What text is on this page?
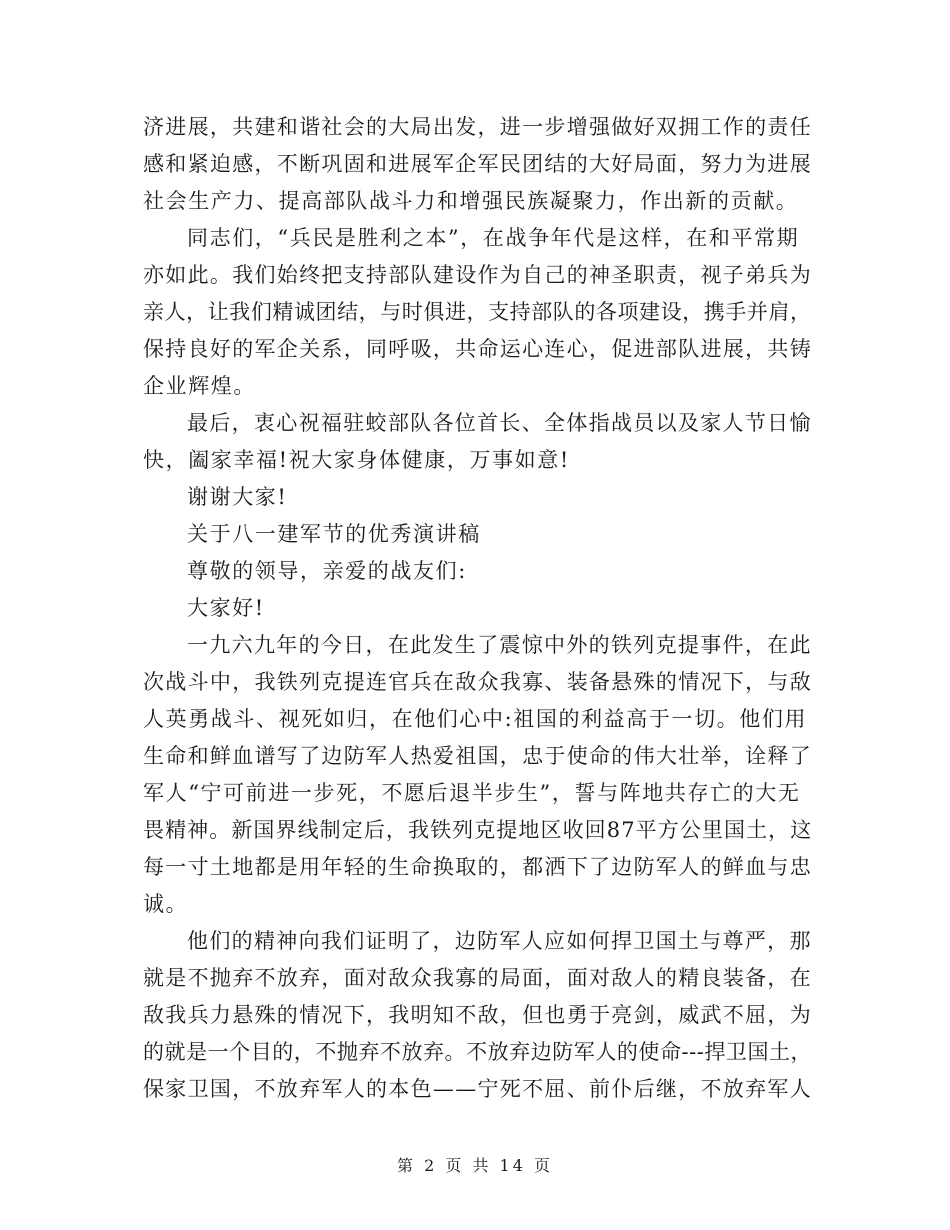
济进展，共建和谐社会的大局出发，进一步增强做好双拥工作的责任
感和紧迫感，不断巩固和进展军企军民团结的大好局面，努力为进展
社会生产力、提高部队战斗力和增强民族凝聚力，作出新的贡献。
同志们，“兵民是胜利之本”，在战争年代是这样，在和平常期
亦如此。我们始终把支持部队建设作为自己的神圣职责，视子弟兵为
亲人，让我们精诚团结，与时俱进，支持部队的各项建设，携手并肩，
保持良好的军企关系，同呼吸，共命运心连心，促进部队进展，共铸
企业辉煌。
最后，衷心祝福驻蛟部队各位首长、全体指战员以及家人节日愉
快，阖家幸福!祝大家身体健康，万事如意!
谢谢大家!
关于八一建军节的优秀演讲稿
尊敬的领导，亲爱的战友们:
大家好!
一九六九年的今日，在此发生了震惊中外的铁列克提事件，在此
次战斗中，我铁列克提连官兵在敌众我寡、装备悬殊的情况下，与敌
人英勇战斗、视死如归，在他们心中:祖国的利益高于一切。他们用
生命和鲜血谱写了边防军人热爱祖国，忠于使命的伟大壮举，诠释了
军人“宁可前进一步死，不愿后退半步生”，誓与阵地共存亡的大无
畏精神。新国界线制定后，我铁列克提地区收回87平方公里国土，这
每一寸土地都是用年轻的生命换取的，都洒下了边防军人的鲜血与忠
诚。
他们的精神向我们证明了，边防军人应如何捍卫国土与尊严，那
就是不抛弃不放弃，面对敌众我寡的局面，面对敌人的精良装备，在
敌我兵力悬殊的情况下，我明知不敌，但也勇于亮剑，威武不屈，为
的就是一个目的，不抛弃不放弃。不放弃边防军人的使命---捍卫国土，
保家卫国，不放弃军人的本色——宁死不屈、前仆后继，不放弃军人
第 2 页 共 14 页
